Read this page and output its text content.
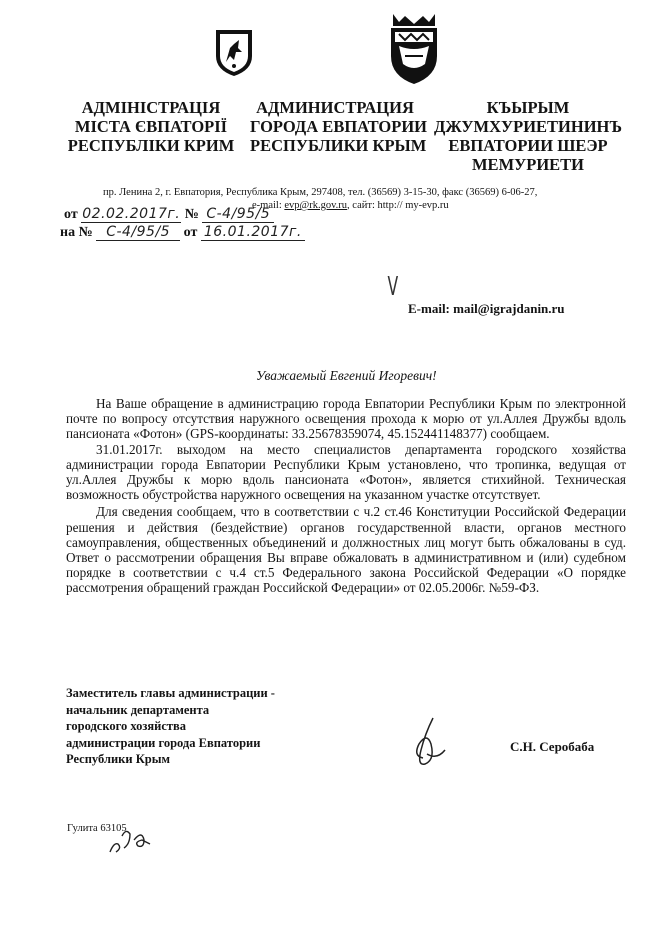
АДМІНІСТРАЦІЯ
МІСТА ЄВПАТОРІЇ
РЕСПУБЛІКИ КРИМ
АДМИНИСТРАЦИЯ
ГОРОДА ЕВПАТОРИИ
РЕСПУБЛИКИ КРЫМ
КЪЫРЫМ
ДЖУМХУРИЕТИНИНЪ
ЕВПАТОРИИ ШЕЭР
МЕМУРИЕТИ
пр. Ленина 2, г. Евпатория, Республика Крым, 297408, тел. (36569) 3-15-30, факс (36569) 6-06-27,
e-mail: evp@rk.gov.ru, сайт: http:// my-evp.ru
от 02.02.2017г. № С-4/95/5
на № С-4/95/5 от 16.01.2017г.
V
E-mail: mail@igrajdanin.ru
Уважаемый Евгений Игоревич!

На Ваше обращение в администрацию города Евпатории Республики Крым по электронной почте по вопросу отсутствия наружного освещения прохода к морю от ул.Аллея Дружбы вдоль пансионата «Фотон» (GPS-координаты: 33.25678359074, 45.152441148377) сообщаем.

31.01.2017г. выходом на место специалистов департамента городского хозяйства администрации города Евпатории Республики Крым установлено, что тропинка, ведущая от ул.Аллея Дружбы к морю вдоль пансионата «Фотон», является стихийной. Техническая возможность обустройства наружного освещения на указанном участке отсутствует.

Для сведения сообщаем, что в соответствии с ч.2 ст.46 Конституции Российской Федерации решения и действия (бездействие) органов государственной власти, органов местного самоуправления, общественных объединений и должностных лиц могут быть обжалованы в суд. Ответ о рассмотрении обращения Вы вправе обжаловать в административном и (или) судебном порядке в соответствии с ч.4 ст.5 Федерального закона Российской Федерации «О порядке рассмотрения обращений граждан Российской Федерации» от 02.05.2006г. №59-ФЗ.

Заместитель главы администрации -
начальник департамента
городского хозяйства
администрации города Евпатории
Республики Крым
С.Н. Серобаба
Гулита 63105
